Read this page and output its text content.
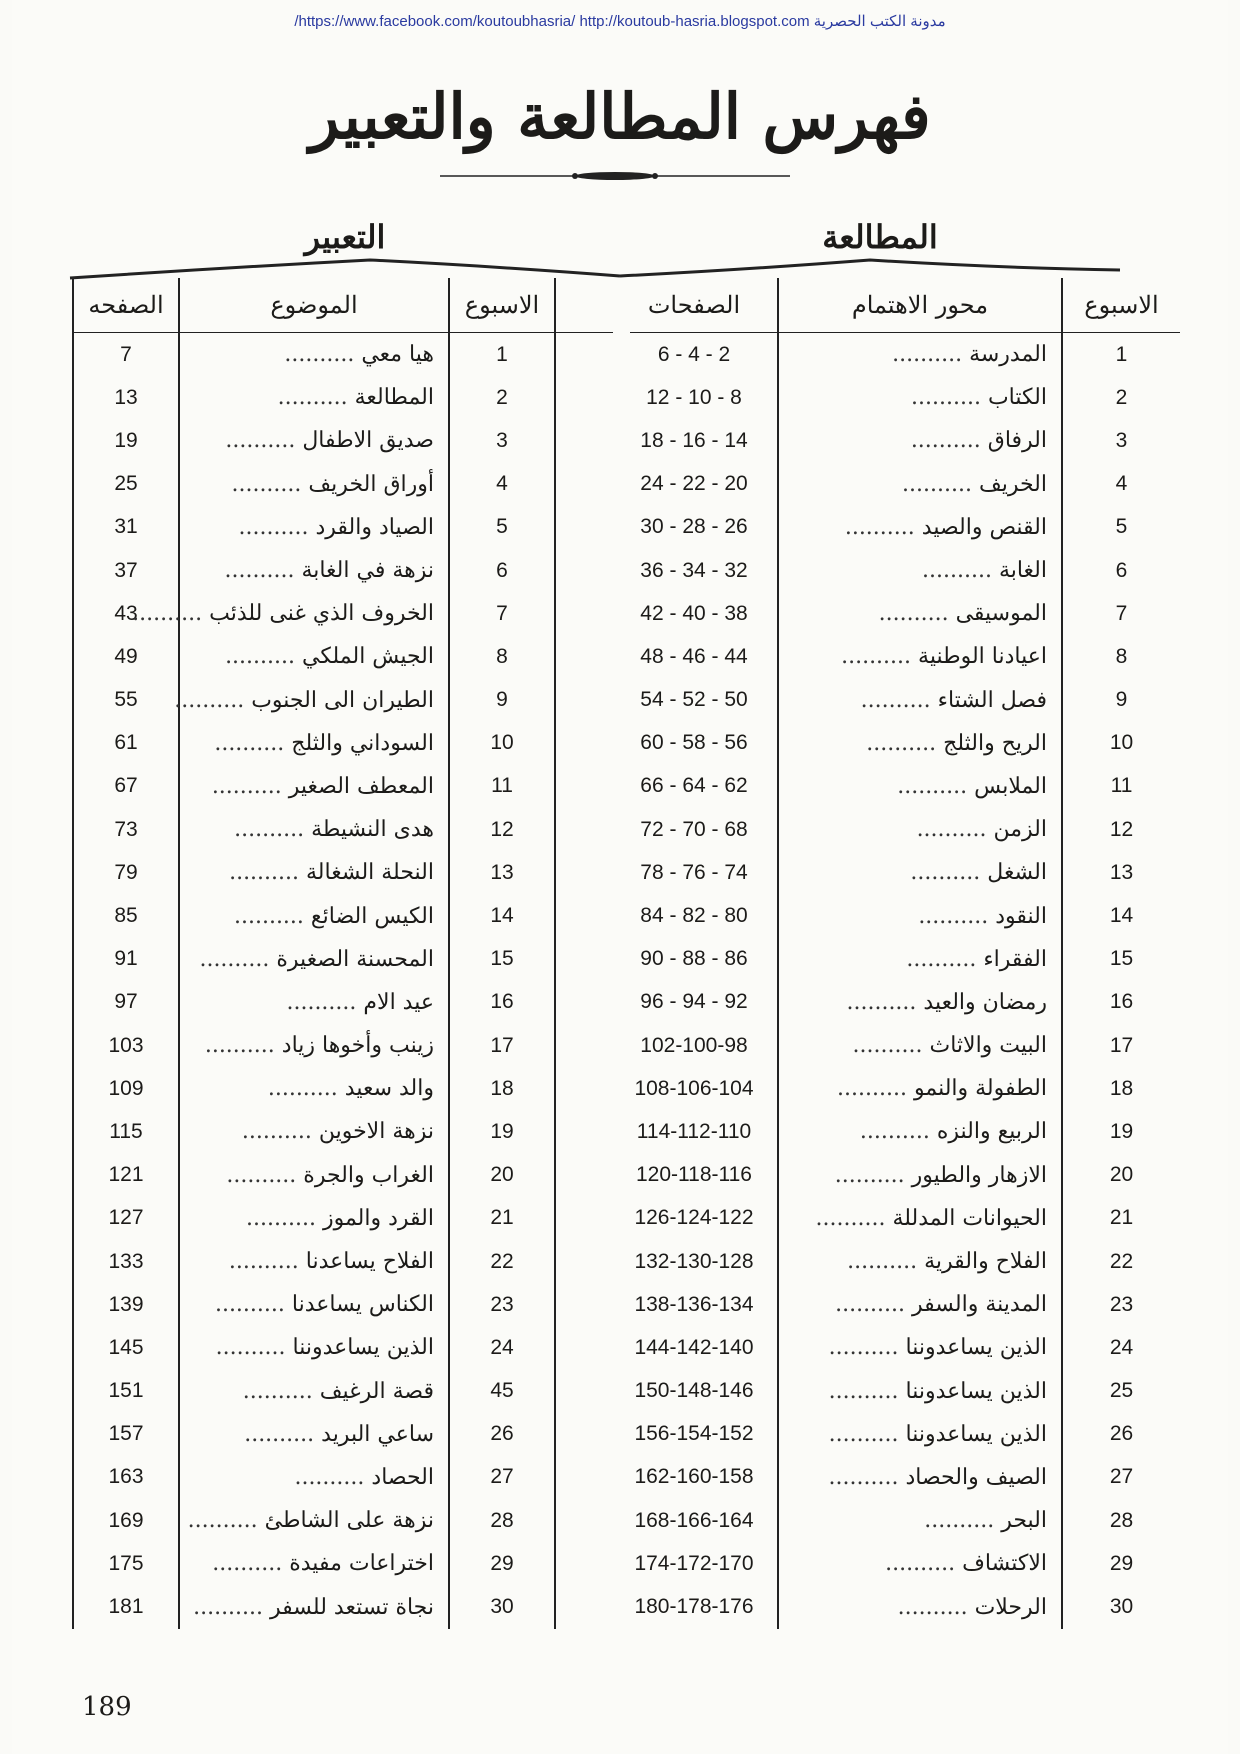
/https://www.facebook.com/koutoubhasria/ http://koutoub-hasria.blogspot.com مدونة الكتب الحصرية
فهرس المطالعة والتعبير
المطالعة
التعبير
الصفحات		محور الاهتمام	الاسبوع
6 - 4 - 2		المدرسة ..........	1
12 - 10 - 8		الكتاب ..........	2
18 - 16 - 14		الرفاق ..........	3
24 - 22 - 20		الخريف ..........	4
30 - 28 - 26		القنص والصيد ..........	5
36 - 34 - 32		الغابة ..........	6
42 - 40 - 38		الموسيقى ..........	7
48 - 46 - 44		اعيادنا الوطنية ..........	8
54 - 52 - 50		فصل الشتاء ..........	9
60 - 58 - 56		الريح والثلج ..........	10
66 - 64 - 62		الملابس ..........	11
72 - 70 - 68		الزمن ..........	12
78 - 76 - 74		الشغل ..........	13
84 - 82 - 80		النقود ..........	14
90 - 88 - 86		الفقراء ..........	15
96 - 94 - 92		رمضان والعيد ..........	16
102-100-98		البيت والاثاث ..........	17
108-106-104		الطفولة والنمو ..........	18
114-112-110		الربيع والنزه ..........	19
120-118-116		الازهار والطيور ..........	20
126-124-122		الحيوانات المدللة ..........	21
132-130-128		الفلاح والقرية ..........	22
138-136-134		المدينة والسفر ..........	23
144-142-140		الذين يساعدوننا ..........	24
150-148-146		الذين يساعدوننا ..........	25
156-154-152		الذين يساعدوننا ..........	26
162-160-158		الصيف والحصاد ..........	27
168-166-164		البحر ..........	28
174-172-170		الاكتشاف ..........	29
180-178-176		الرحلات ..........	30
الصفحه	الموضوع	الاسبوع	
7	هيا معي ..........	1	
13	المطالعة ..........	2	
19	صديق الاطفال ..........	3	
25	أوراق الخريف ..........	4	
31	الصياد والقرد ..........	5	
37	نزهة في الغابة ..........	6	
43	الخروف الذي غنى للذئب ..........	7	
49	الجيش الملكي ..........	8	
55	الطيران الى الجنوب ..........	9	
61	السوداني والثلج ..........	10	
67	المعطف الصغير ..........	11	
73	هدى النشيطة ..........	12	
79	النحلة الشغالة ..........	13	
85	الكيس الضائع ..........	14	
91	المحسنة الصغيرة ..........	15	
97	عيد الام ..........	16	
103	زينب وأخوها زياد ..........	17	
109	والد سعيد ..........	18	
115	نزهة الاخوين ..........	19	
121	الغراب والجرة ..........	20	
127	القرد والموز ..........	21	
133	الفلاح يساعدنا ..........	22	
139	الكناس يساعدنا ..........	23	
145	الذين يساعدوننا ..........	24	
151	قصة الرغيف ..........	45	
157	ساعي البريد ..........	26	
163	الحصاد ..........	27	
169	نزهة على الشاطئ ..........	28	
175	اختراعات مفيدة ..........	29	
181	نجاة تستعد للسفر ..........	30	
189
